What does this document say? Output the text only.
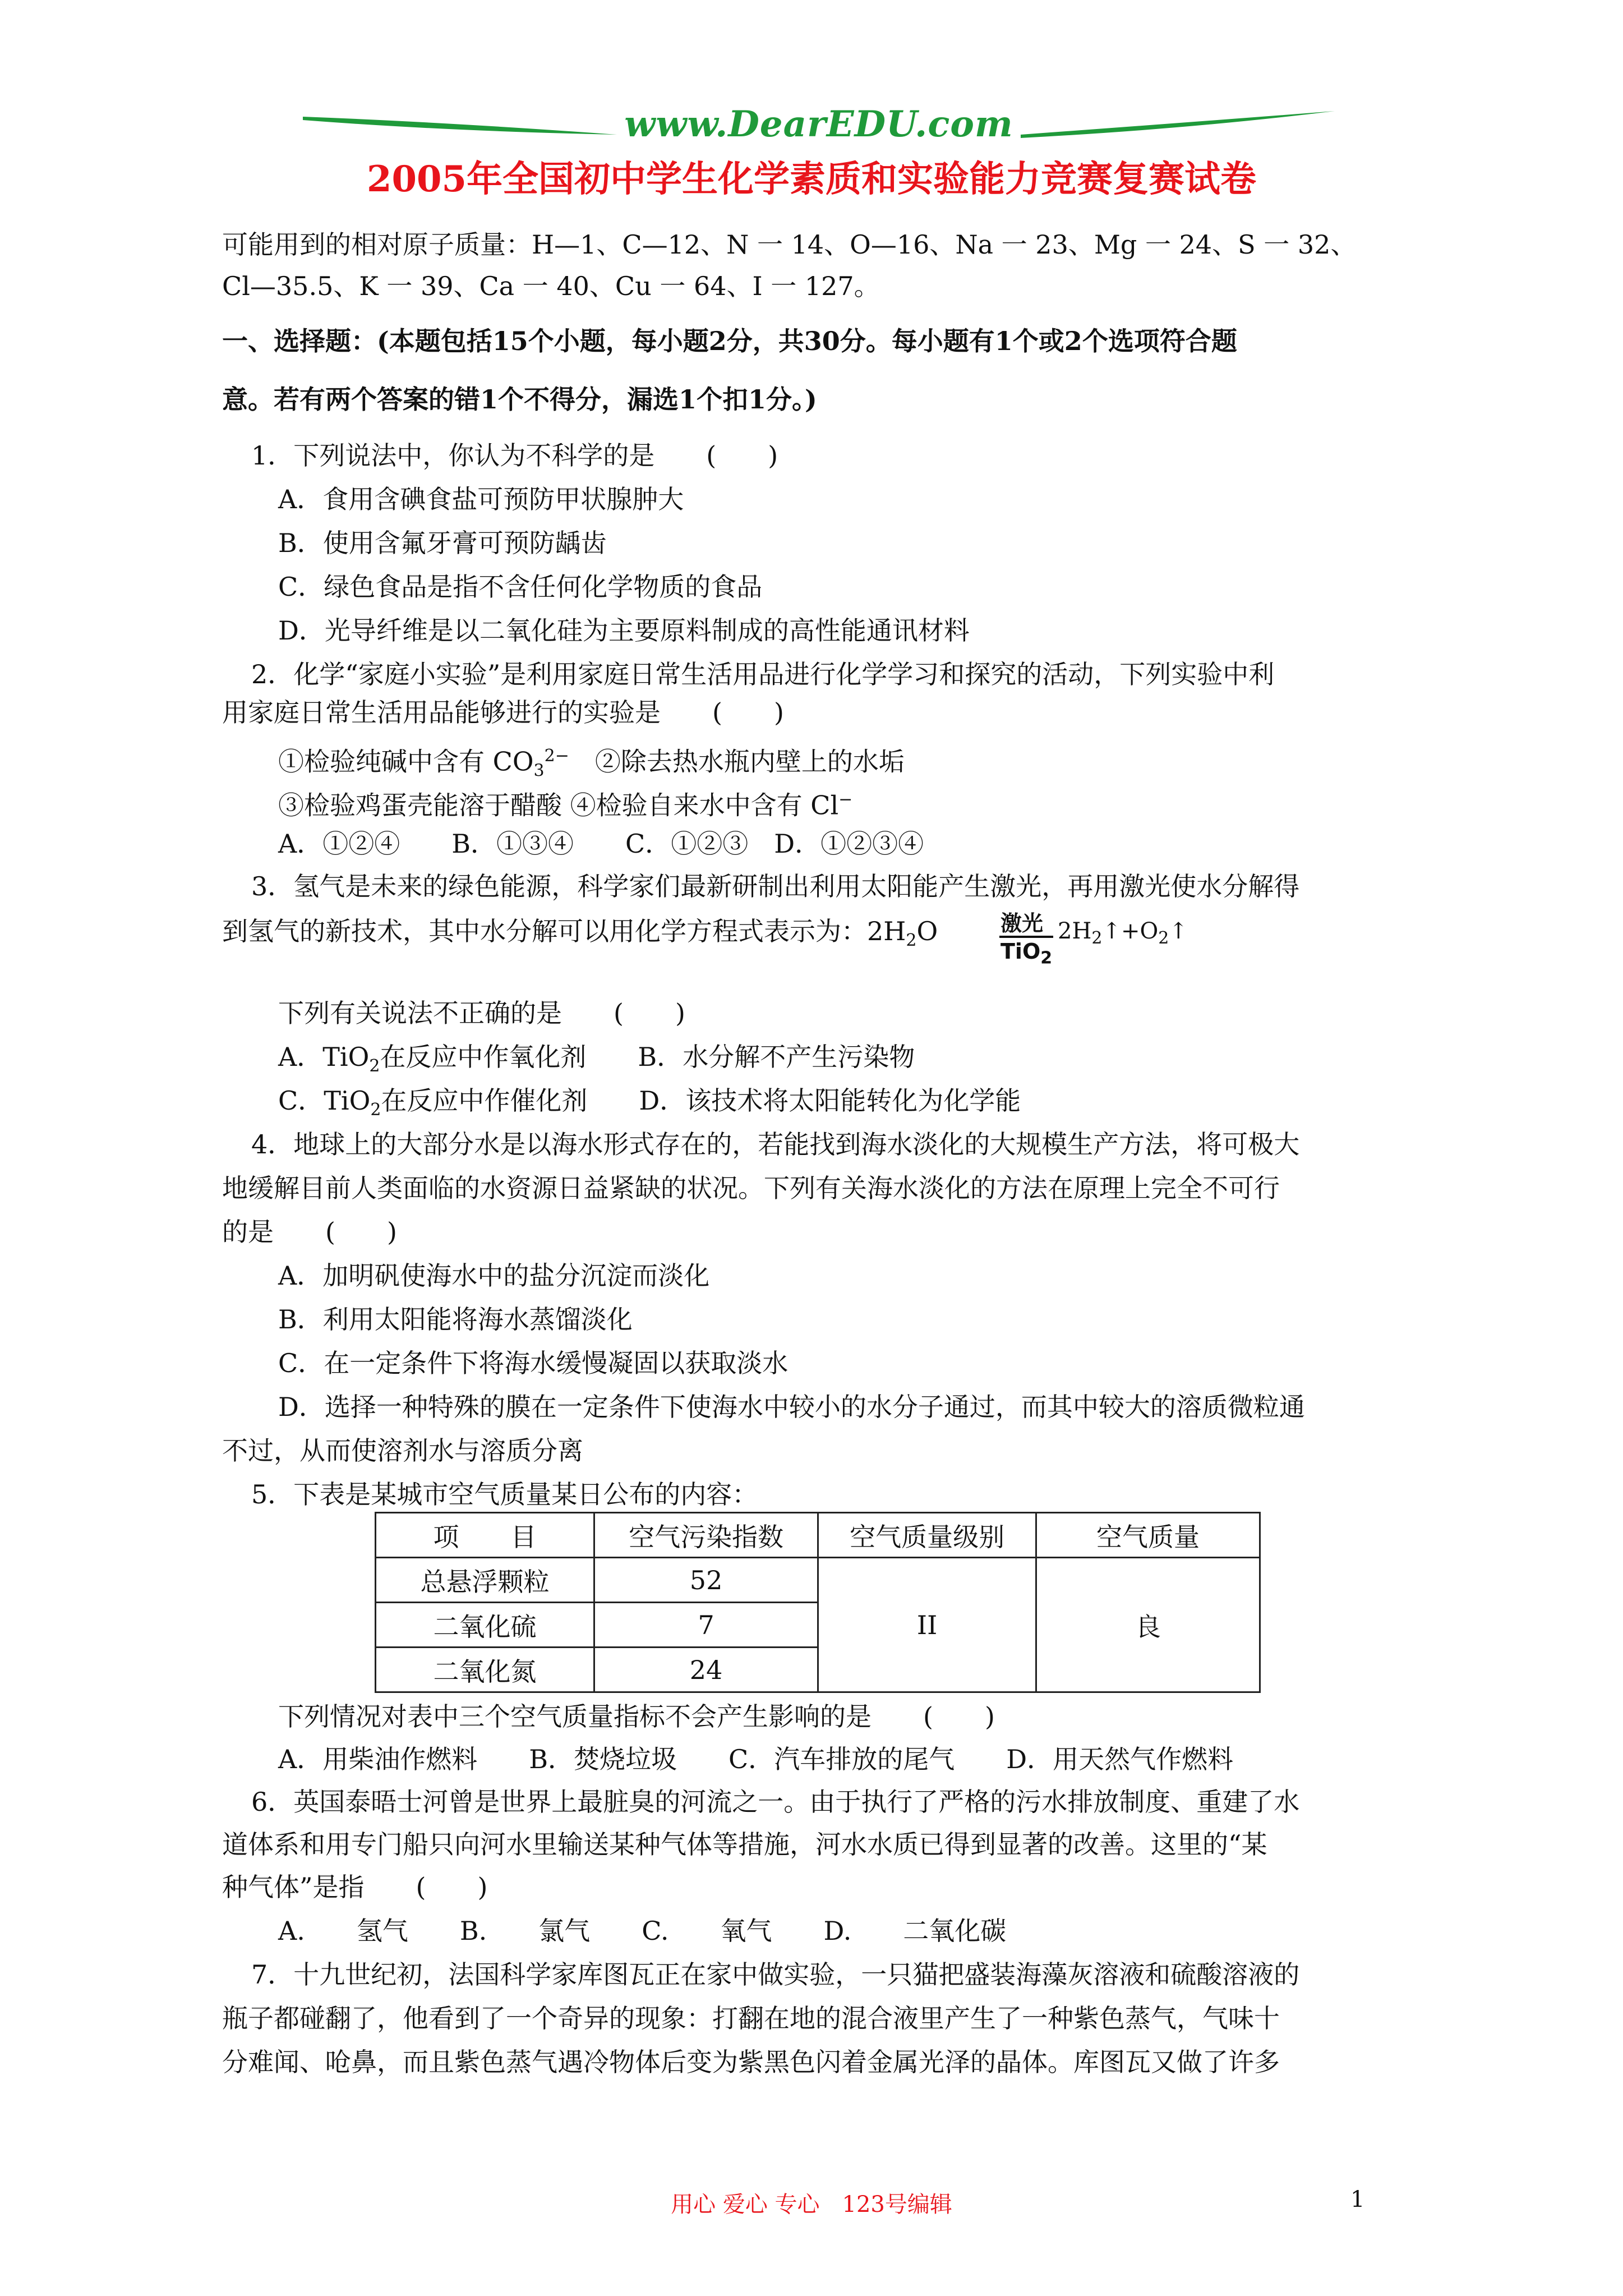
www.DearEDU.com
2005年全国初中学生化学素质和实验能力竞赛复赛试卷
可能用到的相对原子质量：H—1、C—12、N 一 14、O—16、Na 一 23、Mg 一 24、S 一 32、
Cl—35.5、K 一 39、Ca 一 40、Cu 一 64、I 一 127。
一、选择题：(本题包括15个小题，每小题2分，共30分。每小题有1个或2个选项符合题
意。若有两个答案的错1个不得分，漏选1个扣1分。)
1．下列说法中，你认为不科学的是　　(　　)
A．食用含碘食盐可预防甲状腺肿大
B．使用含氟牙膏可预防龋齿
C．绿色食品是指不含任何化学物质的食品
D．光导纤维是以二氧化硅为主要原料制成的高性能通讯材料
2．化学“家庭小实验”是利用家庭日常生活用品进行化学学习和探究的活动，下列实验中利
用家庭日常生活用品能够进行的实验是　　(　　)
①检验纯碱中含有 $CO_3^{2-}$　②除去热水瓶内壁上的水垢
③检验鸡蛋壳能溶于醋酸 ④检验自来水中含有 Cl−
A．①②④　　B．①③④　　C．①②③　D．①②③④
3．氢气是未来的绿色能源，科学家们最新研制出利用太阳能产生激光，再用激光使水分解得
到氢气的新技术，其中水分解可以用化学方程式表示为：$2H_2O$	激光
TiO$_2$
$2H_2↑+O_2↑$
下列有关说法不正确的是　　(　　)
A．TiO$_2$在反应中作氧化剂　　B．水分解不产生污染物
C．TiO$_2$在反应中作催化剂　　D．该技术将太阳能转化为化学能
4．地球上的大部分水是以海水形式存在的，若能找到海水淡化的大规模生产方法，将可极大
地缓解目前人类面临的水资源日益紧缺的状况。下列有关海水淡化的方法在原理上完全不可行
的是　　(　　)
A．加明矾使海水中的盐分沉淀而淡化
B．利用太阳能将海水蒸馏淡化
C．在一定条件下将海水缓慢凝固以获取淡水
D．选择一种特殊的膜在一定条件下使海水中较小的水分子通过，而其中较大的溶质微粒通
不过，从而使溶剂水与溶质分离
5．下表是某城市空气质量某日公布的内容：
项　　目	空气污染指数	空气质量级别	空气质量
总悬浮颗粒	52	II	良
二氧化硫	7		
二氧化氮	24		
下列情况对表中三个空气质量指标不会产生影响的是　　(　　)
A．用柴油作燃料　　B．焚烧垃圾　　C．汽车排放的尾气　　D．用天然气作燃料
6．英国泰晤士河曾是世界上最脏臭的河流之一。由于执行了严格的污水排放制度、重建了水
道体系和用专门船只向河水里输送某种气体等措施，河水水质已得到显著的改善。这里的“某
种气体”是指　　(　　)
A.　　氢气　　B.　　氯气　　C.　　氧气　　D.　　二氧化碳
7．十九世纪初，法国科学家库图瓦正在家中做实验，一只猫把盛装海藻灰溶液和硫酸溶液的
瓶子都碰翻了，他看到了一个奇异的现象：打翻在地的混合液里产生了一种紫色蒸气，气味十
分难闻、呛鼻，而且紫色蒸气遇冷物体后变为紫黑色闪着金属光泽的晶体。库图瓦又做了许多
用心 爱心 专心　123号编辑	1
